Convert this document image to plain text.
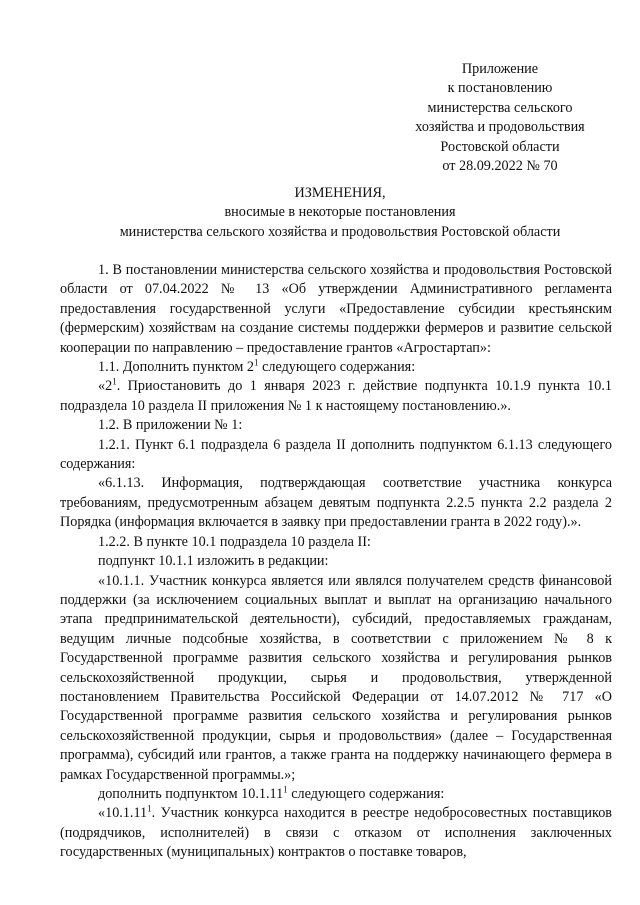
Приложение
к постановлению
министерства сельского
хозяйства и продовольствия
Ростовской области
от 28.09.2022 № 70
ИЗМЕНЕНИЯ,
вносимые в некоторые постановления
министерства сельского хозяйства и продовольствия Ростовской области

1. В постановлении министерства сельского хозяйства и продовольствия Ростовской области от 07.04.2022 № 13 «Об утверждении Административного регламента предоставления государственной услуги «Предоставление субсидии крестьянским (фермерским) хозяйствам на создание системы поддержки фермеров и развитие сельской кооперации по направлению – предоставление грантов «Агростартап»:

1.1. Дополнить пунктом $2^1$ следующего содержания:

«$2^1$. Приостановить до 1 января 2023 г. действие подпункта 10.1.9 пункта 10.1 подраздела 10 раздела II приложения № 1 к настоящему постановлению.».

1.2. В приложении № 1:

1.2.1. Пункт 6.1 подраздела 6 раздела II дополнить подпунктом 6.1.13 следующего содержания:

«6.1.13. Информация, подтверждающая соответствие участника конкурса требованиям, предусмотренным абзацем девятым подпункта 2.2.5 пункта 2.2 раздела 2 Порядка (информация включается в заявку при предоставлении гранта в 2022 году).».

1.2.2. В пункте 10.1 подраздела 10 раздела II:

подпункт 10.1.1 изложить в редакции:

«10.1.1. Участник конкурса является или являлся получателем средств финансовой поддержки (за исключением социальных выплат и выплат на организацию начального этапа предпринимательской деятельности), субсидий, предоставляемых гражданам, ведущим личные подсобные хозяйства, в соответствии с приложением № 8 к Государственной программе развития сельского хозяйства и регулирования рынков сельскохозяйственной продукции, сырья и продовольствия, утвержденной постановлением Правительства Российской Федерации от 14.07.2012 № 717 «О Государственной программе развития сельского хозяйства и регулирования рынков сельскохозяйственной продукции, сырья и продовольствия» (далее – Государственная программа), субсидий или грантов, а также гранта на поддержку начинающего фермера в рамках Государственной программы.»;

дополнить подпунктом 10.1.11$^1$ следующего содержания:

«10.1.11$^1$. Участник конкурса находится в реестре недобросовестных поставщиков (подрядчиков, исполнителей) в связи с отказом от исполнения заключенных государственных (муниципальных) контрактов о поставке товаров,
